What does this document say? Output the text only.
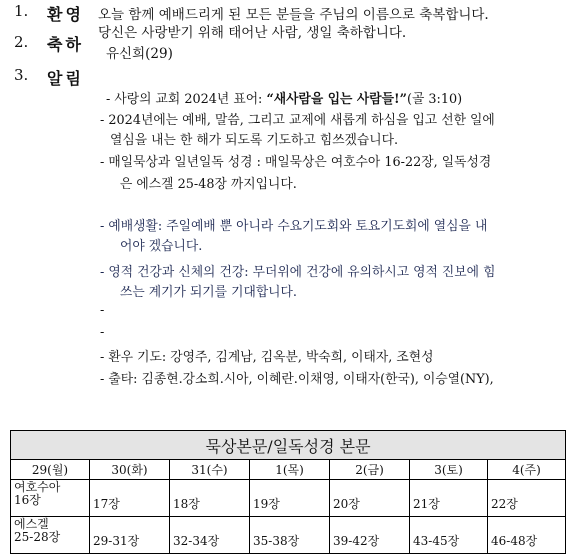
1. 환영 오늘 함께 예배드리게 된 모든 분들을 주님의 이름으로 축복합니다.
2. 축하
당신은 사랑받기 위해 태어난 사람, 생일 축하합니다.
유신희(29)
3. 알림
- 사랑의 교회 2024년 표어: “새사람을 입는 사람들!”(골 3:10)
- 2024년에는 예배, 말씀, 그리고 교제에 새롭게 하심을 입고 선한 일에
열심을 내는 한 해가 되도록 기도하고 힘쓰겠습니다.
- 매일묵상과 일년일독 성경 : 매일묵상은 여호수아 16-22장, 일독성경
은 에스겔 25-48장 까지입니다.
- 예배생활: 주일예배 뿐 아니라 수요기도회와 토요기도회에 열심을 내
어야 겠습니다.
- 영적 건강과 신체의 건강: 무더위에 건강에 유의하시고 영적 진보에 힘
쓰는 계기가 되기를 기대합니다.
-
-
- 환우 기도: 강영주, 김계남, 김옥분, 박숙희, 이태자, 조현성
- 출타: 김종현.강소희.시아, 이혜란.이채영, 이태자(한국), 이승열(NY),
묵상본문/일독성경 본문						
29(월)	30(화)	31(수)	1(목)	2(금)	3(토)	4(주)

여호수아
16장	17장	18장	19장	20장	21장	22장

에스겔
25-28장	29-31장	32-34장	35-38장	39-42장	43-45장	46-48장
